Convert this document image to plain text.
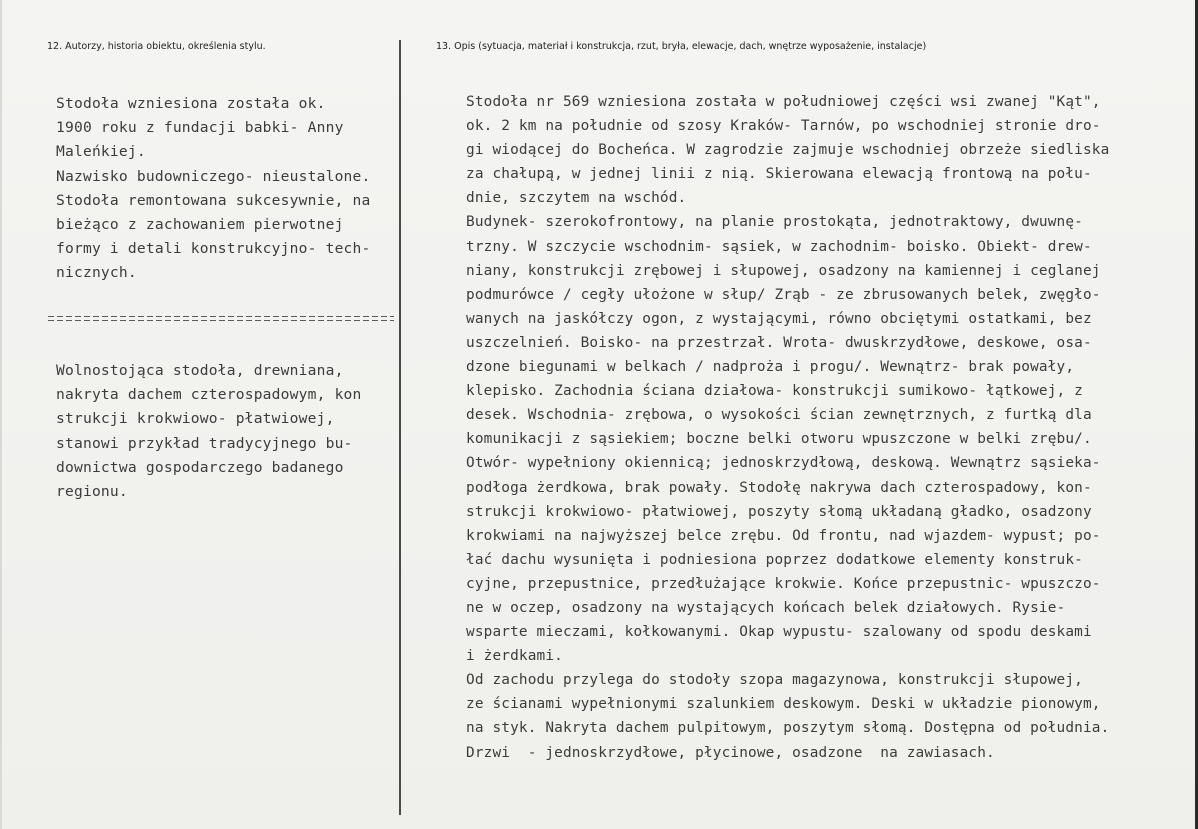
12. Autorzy, historia obiektu, określenia stylu.	13. Opis (sytuacja, materiał i konstrukcja, rzut, bryła, elewacje, dach, wnętrze wyposażenie, instalacje)
Stodoła wzniesiona została ok.
1900 roku z fundacji babki- Anny
Maleńkiej.
Nazwisko budowniczego- nieustalone.
Stodoła remontowana sukcesywnie, na
bieżąco z zachowaniem pierwotnej
formy i detali konstrukcyjno- tech-
nicznych.
Wolnostojąca stodoła, drewniana,
nakryta dachem czterospadowym, kon
strukcji krokwiowo- płatwiowej,
stanowi przykład tradycyjnego bu-
downictwa gospodarczego badanego
regionu.
Stodoła nr 569 wzniesiona została w południowej części wsi zwanej "Kąt",
ok. 2 km na południe od szosy Kraków- Tarnów, po wschodniej stronie dro-
gi wiodącej do Bocheńca. W zagrodzie zajmuje wschodniej obrzeże siedliska
za chałupą, w jednej linii z nią. Skierowana elewacją frontową na połu-
dnie, szczytem na wschód.
Budynek- szerokofrontowy, na planie prostokąta, jednotraktowy, dwuwnę-
trzny. W szczycie wschodnim- sąsiek, w zachodnim- boisko. Obiekt- drew-
niany, konstrukcji zrębowej i słupowej, osadzony na kamiennej i ceglanej
podmurówce / cegły ułożone w słup/ Zrąb - ze zbrusowanych belek, zwęgło-
wanych na jaskółczy ogon, z wystającymi, równo obciętymi ostatkami, bez
uszczelnień. Boisko- na przestrzał. Wrota- dwuskrzydłowe, deskowe, osa-
dzone biegunami w belkach / nadproża i progu/. Wewnątrz- brak powały,
klepisko. Zachodnia ściana działowa- konstrukcji sumikowo- łątkowej, z
desek. Wschodnia- zrębowa, o wysokości ścian zewnętrznych, z furtką dla
komunikacji z sąsiekiem; boczne belki otworu wpuszczone w belki zrębu/.
Otwór- wypełniony okiennicą; jednoskrzydłową, deskową. Wewnątrz sąsieka-
podłoga żerdkowa, brak powały. Stodołę nakrywa dach czterospadowy, kon-
strukcji krokwiowo- płatwiowej, poszyty słomą układaną gładko, osadzony
krokwiami na najwyższej belce zrębu. Od frontu, nad wjazdem- wypust; po-
łać dachu wysunięta i podniesiona poprzez dodatkowe elementy konstruk-
cyjne, przepustnice, przedłużające krokwie. Końce przepustnic- wpuszczo-
ne w oczep, osadzony na wystających końcach belek działowych. Rysie-
wsparte mieczami, kołkowanymi. Okap wypustu- szalowany od spodu deskami
i żerdkami.
Od zachodu przylega do stodoły szopa magazynowa, konstrukcji słupowej,
ze ścianami wypełnionymi szalunkiem deskowym. Deski w układzie pionowym,
na styk. Nakryta dachem pulpitowym, poszytym słomą. Dostępna od południa.
Drzwi  - jednoskrzydłowe, płycinowe, osadzone  na zawiasach.
